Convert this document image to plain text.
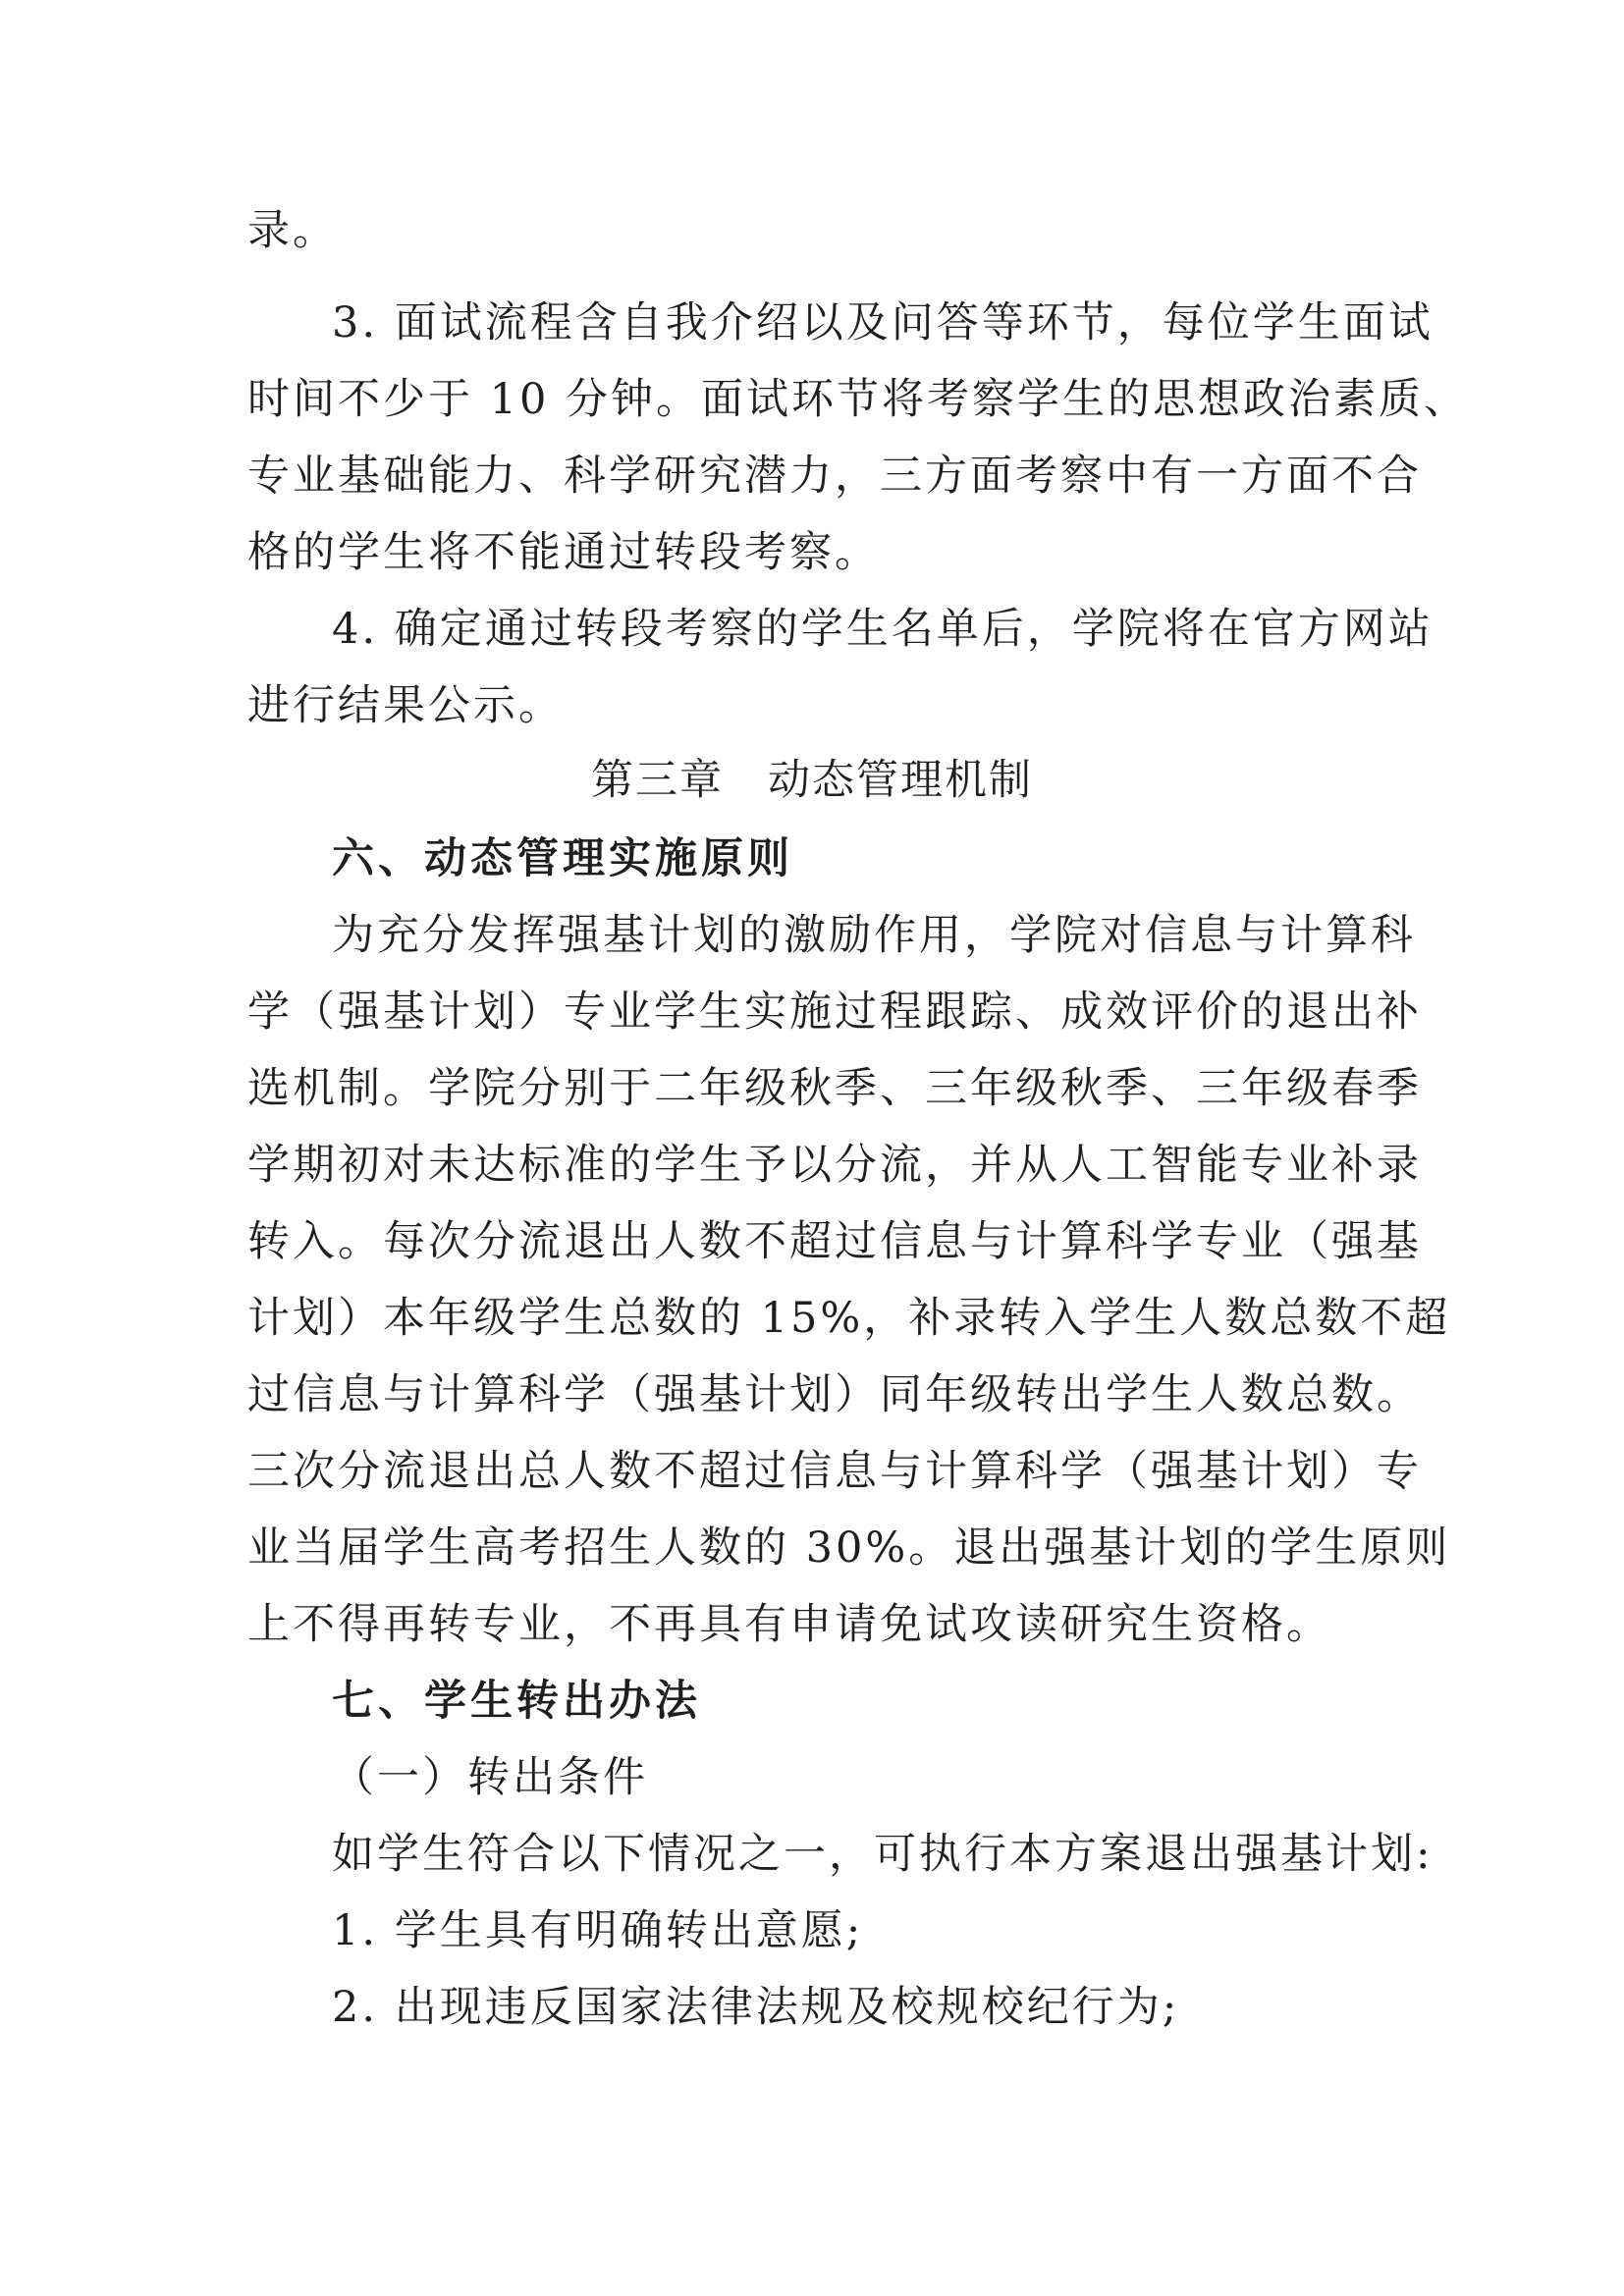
录。
3. 面试流程含自我介绍以及问答等环节，每位学生面试
时间不少于 10 分钟。面试环节将考察学生的思想政治素质、
专业基础能力、科学研究潜力，三方面考察中有一方面不合
格的学生将不能通过转段考察。
4. 确定通过转段考察的学生名单后，学院将在官方网站
进行结果公示。
第三章　动态管理机制
六、动态管理实施原则
为充分发挥强基计划的激励作用，学院对信息与计算科
学（强基计划）专业学生实施过程跟踪、成效评价的退出补
选机制。学院分别于二年级秋季、三年级秋季、三年级春季
学期初对未达标准的学生予以分流，并从人工智能专业补录
转入。每次分流退出人数不超过信息与计算科学专业（强基
计划）本年级学生总数的 15%，补录转入学生人数总数不超
过信息与计算科学（强基计划）同年级转出学生人数总数。
三次分流退出总人数不超过信息与计算科学（强基计划）专
业当届学生高考招生人数的 30%。退出强基计划的学生原则
上不得再转专业，不再具有申请免试攻读研究生资格。
七、学生转出办法
（一）转出条件
如学生符合以下情况之一，可执行本方案退出强基计划:
1. 学生具有明确转出意愿;
2. 出现违反国家法律法规及校规校纪行为;
